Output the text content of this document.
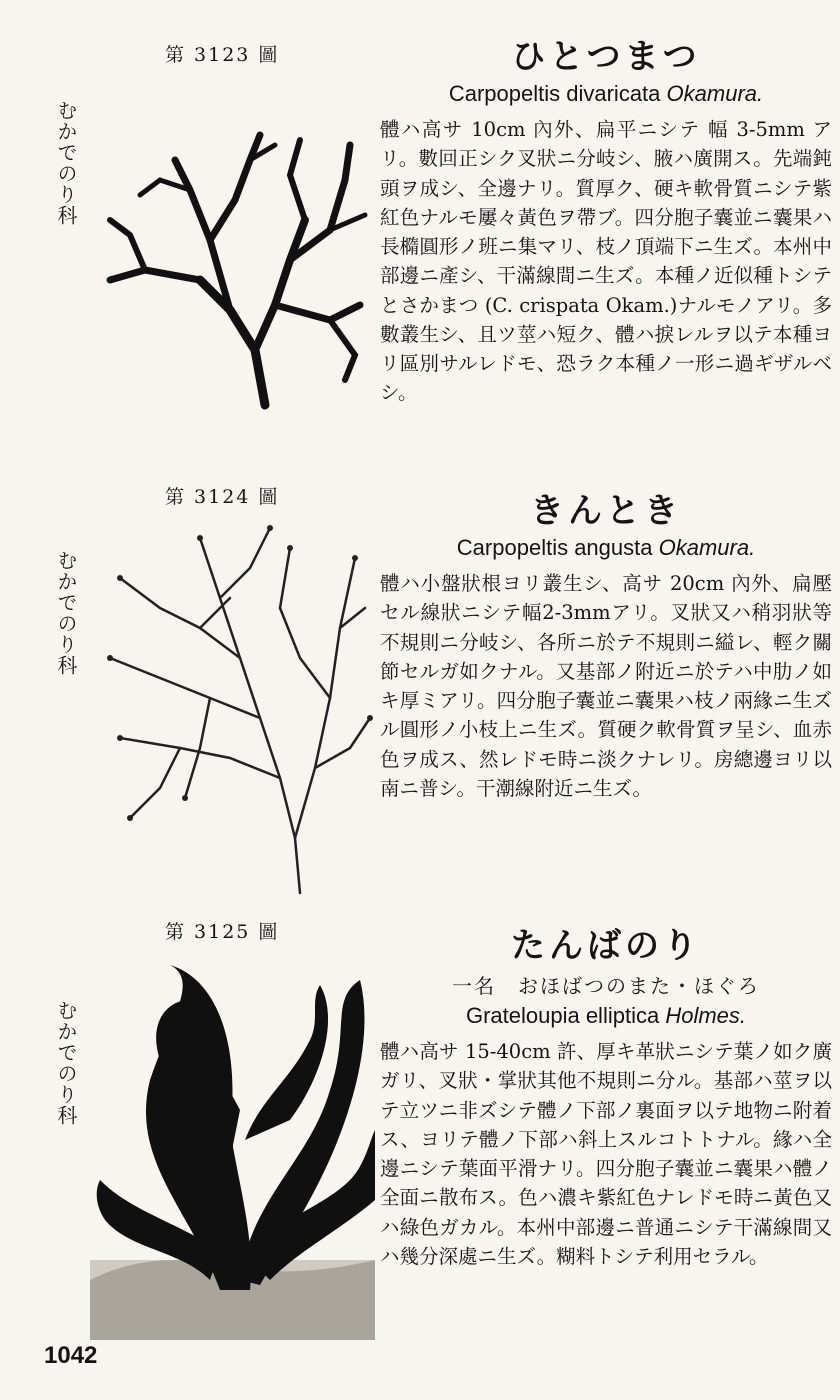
第 3123 圖
むかでのり科
ひとつまつ
Carpopeltis divaricata Okamura.

體ハ高サ 10cm 內外、扁平ニシテ 幅 3-5mm アリ。數回正シク叉狀ニ分岐シ、腋ハ廣開ス。先端鈍頭ヲ成シ、全邊ナリ。質厚ク、硬キ軟骨質ニシテ紫紅色ナルモ屢々黃色ヲ帶ブ。四分胞子囊並ニ囊果ハ長橢圓形ノ班ニ集マリ、枝ノ頂端下ニ生ズ。本州中部邊ニ產シ、干滿線間ニ生ズ。本種ノ近似種トシテとさかまつ (C. crispata Okam.)ナルモノアリ。多數叢生シ、且ツ莖ハ短ク、體ハ捩レルヲ以テ本種ヨリ區別サルレドモ、恐ラク本種ノ一形ニ過ギザルベシ。

第 3124 圖
むかでのり科
きんとき
Carpopeltis angusta Okamura.

體ハ小盤狀根ヨリ叢生シ、高サ 20cm 內外、扁壓セル線狀ニシテ幅2-3mmアリ。叉狀又ハ稍羽狀等不規則ニ分岐シ、各所ニ於テ不規則ニ縊レ、輕ク關節セルガ如クナル。又基部ノ附近ニ於テハ中肋ノ如キ厚ミアリ。四分胞子囊並ニ囊果ハ枝ノ兩緣ニ生ズル圓形ノ小枝上ニ生ズ。質硬ク軟骨質ヲ呈シ、血赤色ヲ成ス、然レドモ時ニ淡クナレリ。房總邊ヨリ以南ニ普シ。干潮線附近ニ生ズ。

第 3125 圖
むかでのり科
たんばのり
一名　おほばつのまた・ほぐろ
Grateloupia elliptica Holmes.

體ハ高サ 15-40cm 許、厚キ革狀ニシテ葉ノ如ク廣ガリ、叉狀・掌狀其他不規則ニ分ル。基部ハ莖ヲ以テ立ツニ非ズシテ體ノ下部ノ裏面ヲ以テ地物ニ附着ス、ヨリテ體ノ下部ハ斜上スルコトトナル。緣ハ全邊ニシテ葉面平滑ナリ。四分胞子囊並ニ囊果ハ體ノ全面ニ散布ス。色ハ濃キ紫紅色ナレドモ時ニ黃色又ハ綠色ガカル。本州中部邊ニ普通ニシテ干滿線間又ハ幾分深處ニ生ズ。糊料トシテ利用セラル。

1042
